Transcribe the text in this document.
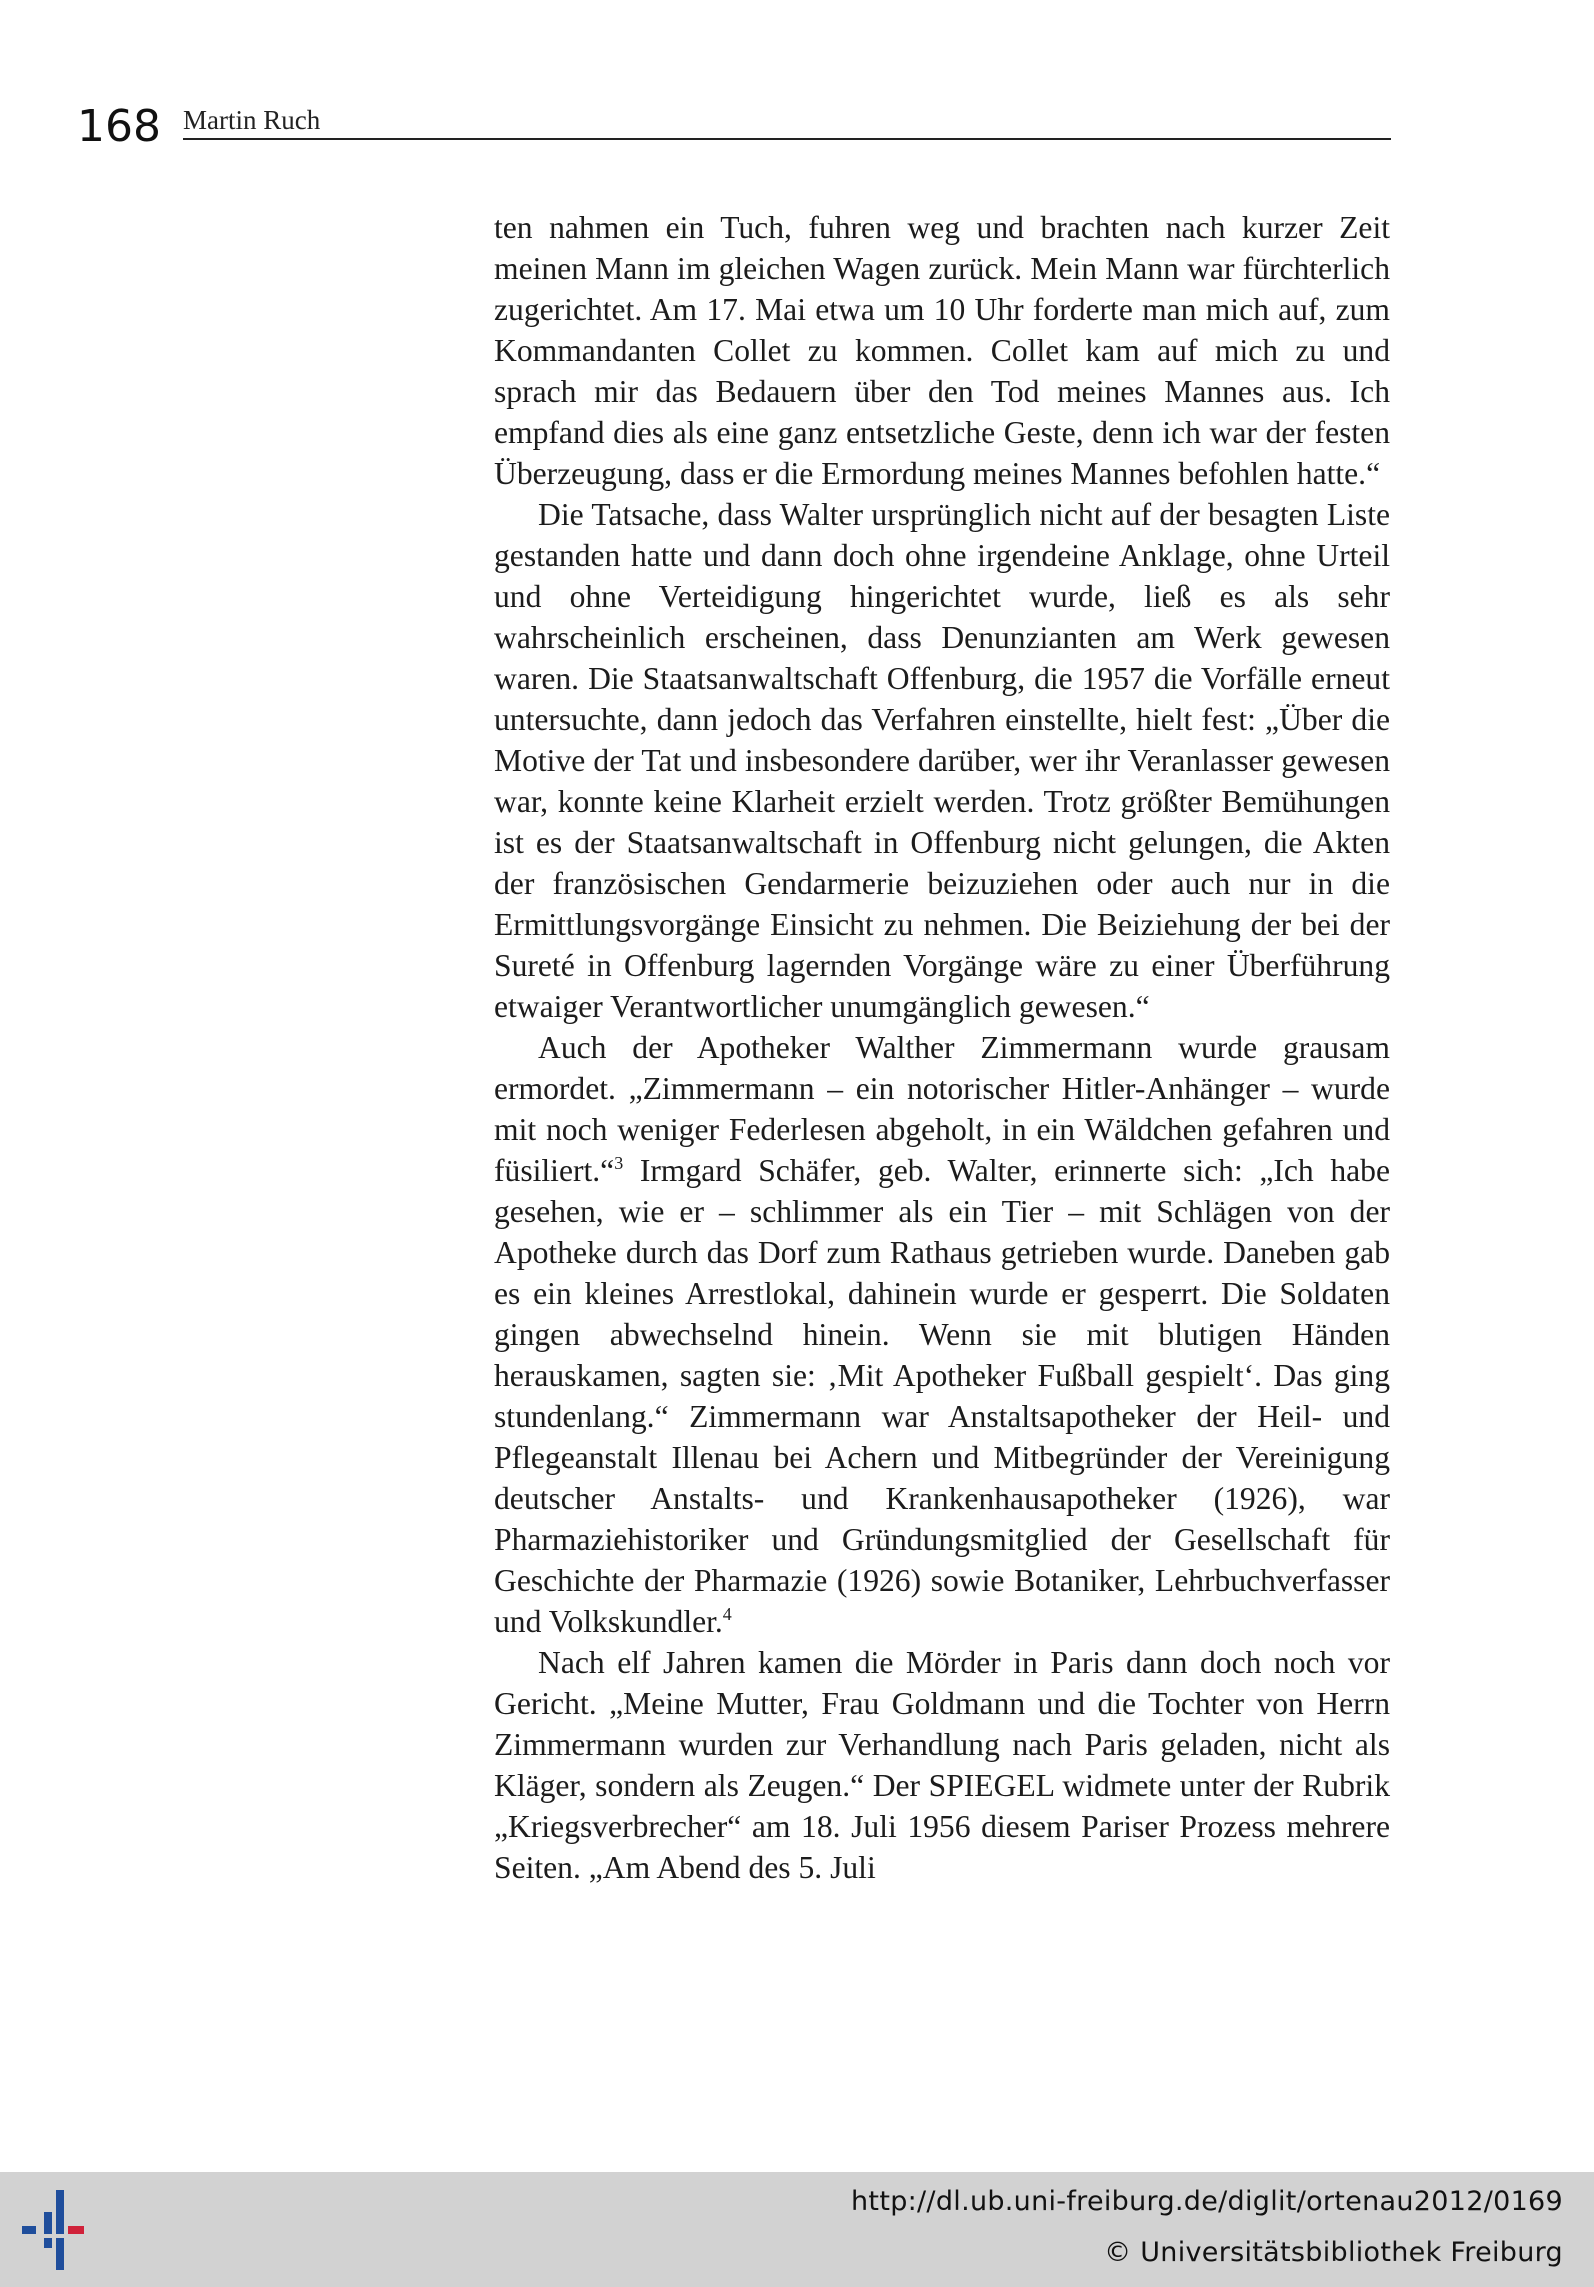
168 Martin Ruch

ten nahmen ein Tuch, fuhren weg und brachten nach kurzer Zeit meinen Mann im gleichen Wagen zurück. Mein Mann war fürchterlich zugerichtet. Am 17. Mai etwa um 10 Uhr forderte man mich auf, zum Kommandanten Collet zu kommen. Collet kam auf mich zu und sprach mir das Bedauern über den Tod meines Mannes aus. Ich empfand dies als eine ganz entsetzliche Geste, denn ich war der festen Überzeugung, dass er die Ermordung meines Mannes befohlen hatte.“

Die Tatsache, dass Walter ursprünglich nicht auf der besagten Liste gestanden hatte und dann doch ohne irgendeine Anklage, ohne Urteil und ohne Verteidigung hingerichtet wurde, ließ es als sehr wahrscheinlich erscheinen, dass Denunzianten am Werk gewesen waren. Die Staatsanwaltschaft Offenburg, die 1957 die Vorfälle erneut untersuchte, dann jedoch das Verfahren einstellte, hielt fest: „Über die Motive der Tat und insbesondere darüber, wer ihr Veranlasser gewesen war, konnte keine Klarheit erzielt werden. Trotz größter Bemühungen ist es der Staatsanwaltschaft in Offenburg nicht gelungen, die Akten der französischen Gendarmerie beizuziehen oder auch nur in die Ermittlungsvorgänge Einsicht zu nehmen. Die Beiziehung der bei der Sureté in Offenburg lagernden Vorgänge wäre zu einer Überführung etwaiger Verantwortlicher unumgänglich gewesen.“

Auch der Apotheker Walther Zimmermann wurde grausam ermordet. „Zimmermann – ein notorischer Hitler-Anhänger – wurde mit noch weniger Federlesen abgeholt, in ein Wäldchen gefahren und füsiliert.“$^3$ Irmgard Schäfer, geb. Walter, erinnerte sich: „Ich habe gesehen, wie er – schlimmer als ein Tier – mit Schlägen von der Apotheke durch das Dorf zum Rathaus getrieben wurde. Daneben gab es ein kleines Arrestlokal, dahinein wurde er gesperrt. Die Soldaten gingen abwechselnd hinein. Wenn sie mit blutigen Händen herauskamen, sagten sie: ‚Mit Apotheker Fußball gespielt‘. Das ging stundenlang.“ Zimmermann war Anstaltsapotheker der Heil- und Pflegeanstalt Illenau bei Achern und Mitbegründer der Vereinigung deutscher Anstalts- und Krankenhausapotheker (1926), war Pharmaziehistoriker und Gründungsmitglied der Gesellschaft für Geschichte der Pharmazie (1926) sowie Botaniker, Lehrbuchverfasser und Volkskundler.$^4$

Nach elf Jahren kamen die Mörder in Paris dann doch noch vor Gericht. „Meine Mutter, Frau Goldmann und die Tochter von Herrn Zimmermann wurden zur Verhandlung nach Paris geladen, nicht als Kläger, sondern als Zeugen.“ Der SPIEGEL widmete unter der Rubrik „Kriegsverbrecher“ am 18. Juli 1956 diesem Pariser Prozess mehrere Seiten. „Am Abend des 5. Juli

http://dl.ub.uni-freiburg.de/diglit/ortenau2012/0169
© Universitätsbibliothek Freiburg
